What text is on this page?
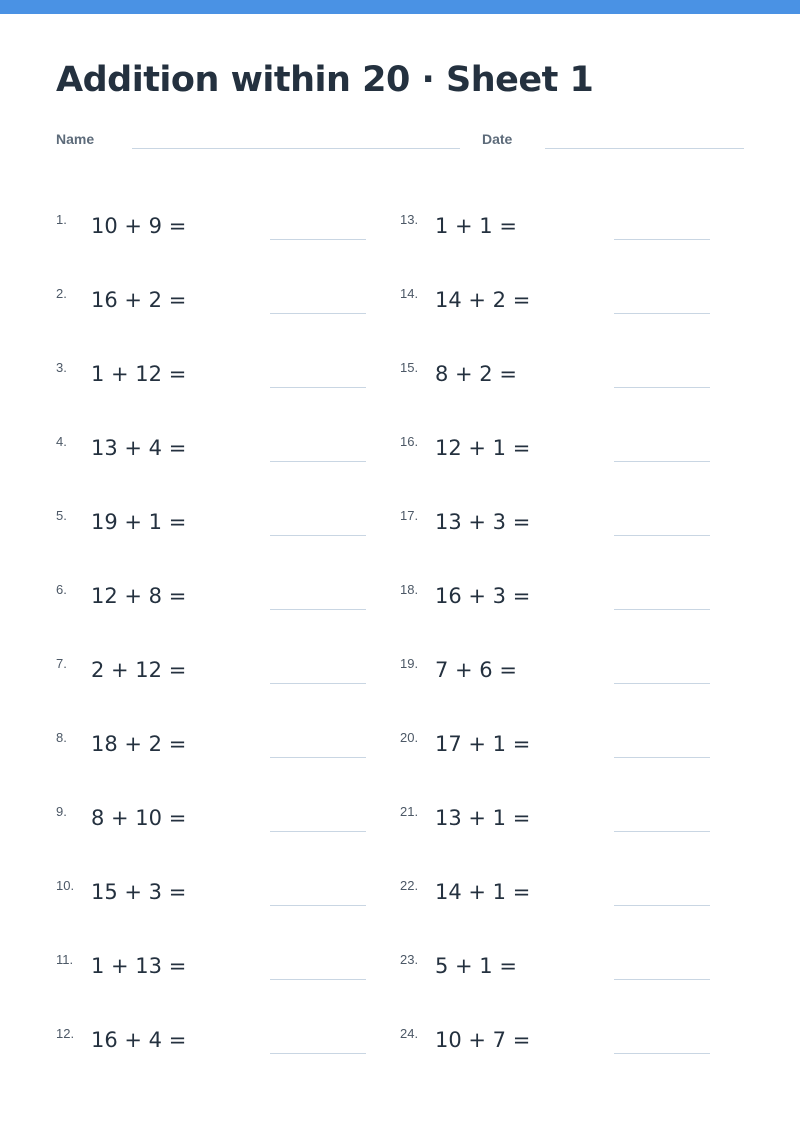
Addition within 20 · Sheet 1
Name	Date
1. 10 + 9 =
2. 16 + 2 =
3. 1 + 12 =
4. 13 + 4 =
5. 19 + 1 =
6. 12 + 8 =
7. 2 + 12 =
8. 18 + 2 =
9. 8 + 10 =
10. 15 + 3 =
11. 1 + 13 =
12. 16 + 4 =
13. 1 + 1 =
14. 14 + 2 =
15. 8 + 2 =
16. 12 + 1 =
17. 13 + 3 =
18. 16 + 3 =
19. 7 + 6 =
20. 17 + 1 =
21. 13 + 1 =
22. 14 + 1 =
23. 5 + 1 =
24. 10 + 7 =
